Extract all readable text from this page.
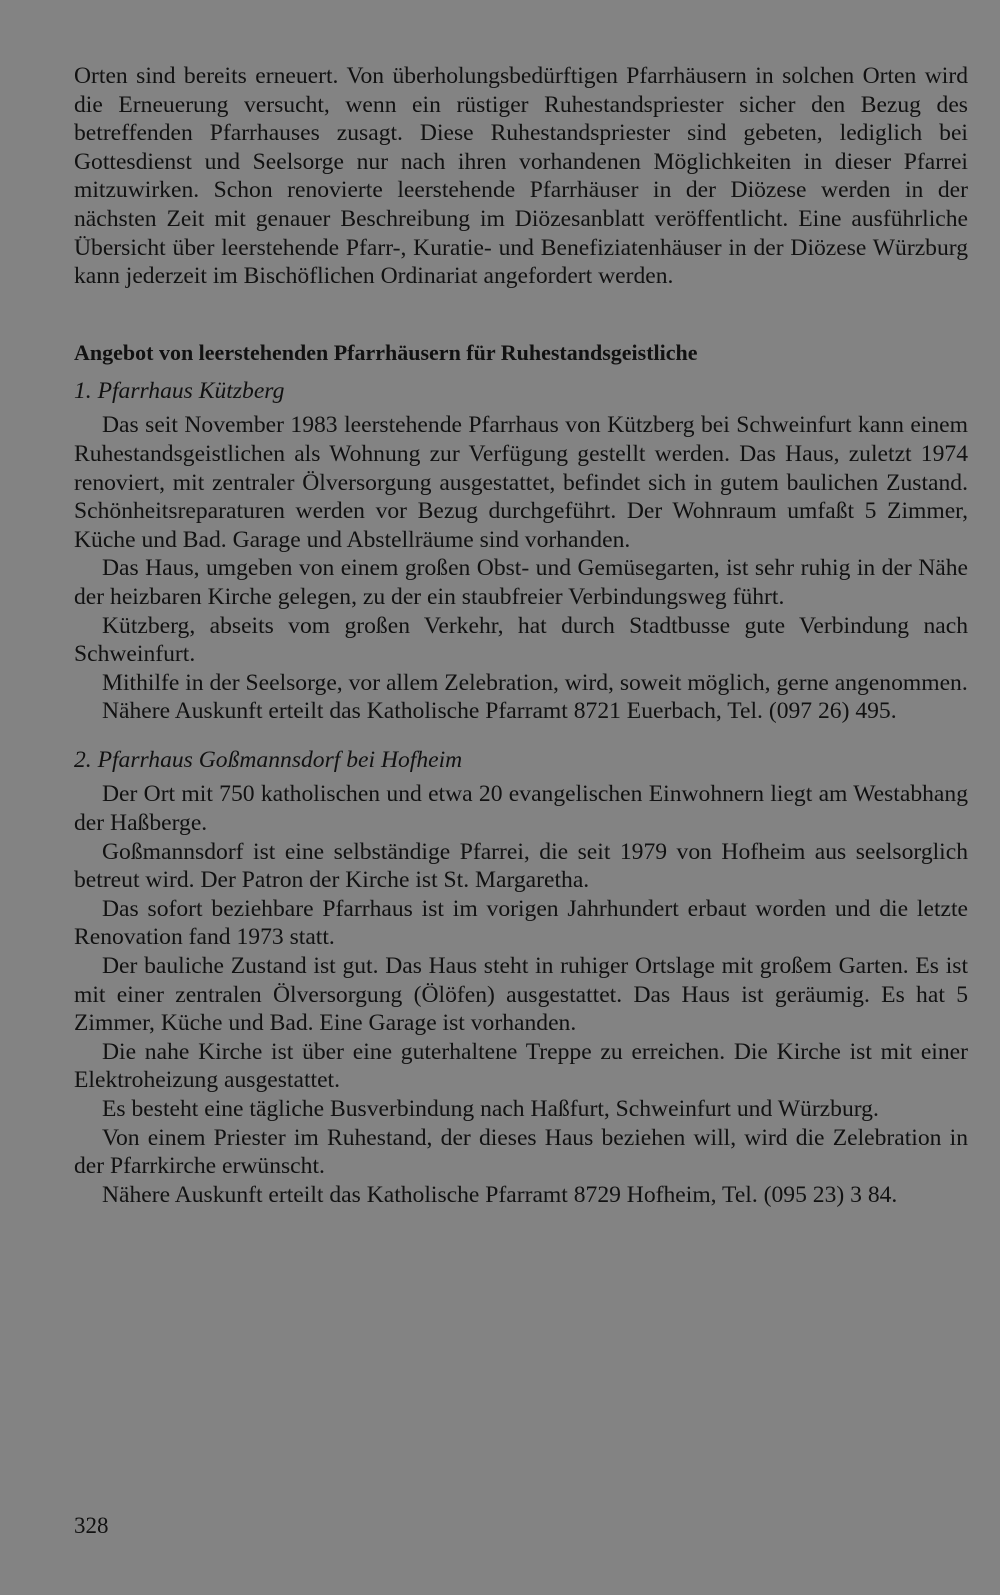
Orten sind bereits erneuert. Von überholungsbedürftigen Pfarrhäusern in solchen Orten wird die Erneuerung versucht, wenn ein rüstiger Ruhestandspriester sicher den Bezug des betreffenden Pfarrhauses zusagt. Diese Ruhestandspriester sind gebeten, lediglich bei Gottesdienst und Seelsorge nur nach ihren vorhandenen Möglichkeiten in dieser Pfarrei mitzuwirken. Schon renovierte leerstehende Pfarrhäuser in der Diözese werden in der nächsten Zeit mit genauer Beschreibung im Diözesanblatt veröffentlicht. Eine ausführliche Übersicht über leerstehende Pfarr-, Kuratie- und Benefiziatenhäuser in der Diözese Würzburg kann jederzeit im Bischöflichen Ordinariat angefordert werden.

Angebot von leerstehenden Pfarrhäusern für Ruhestandsgeistliche
1. Pfarrhaus Kützberg

Das seit November 1983 leerstehende Pfarrhaus von Kützberg bei Schweinfurt kann einem Ruhestandsgeistlichen als Wohnung zur Verfügung gestellt werden. Das Haus, zuletzt 1974 renoviert, mit zentraler Ölversorgung ausgestattet, befindet sich in gutem baulichen Zustand. Schönheitsreparaturen werden vor Bezug durchgeführt. Der Wohnraum umfaßt 5 Zimmer, Küche und Bad. Garage und Abstellräume sind vorhanden.

Das Haus, umgeben von einem großen Obst- und Gemüsegarten, ist sehr ruhig in der Nähe der heizbaren Kirche gelegen, zu der ein staubfreier Verbindungsweg führt.

Kützberg, abseits vom großen Verkehr, hat durch Stadtbusse gute Verbindung nach Schweinfurt.

Mithilfe in der Seelsorge, vor allem Zelebration, wird, soweit möglich, gerne angenommen.

Nähere Auskunft erteilt das Katholische Pfarramt 8721 Euerbach, Tel. (097 26) 495.

2. Pfarrhaus Goßmannsdorf bei Hofheim

Der Ort mit 750 katholischen und etwa 20 evangelischen Einwohnern liegt am Westabhang der Haßberge.

Goßmannsdorf ist eine selbständige Pfarrei, die seit 1979 von Hofheim aus seelsorglich betreut wird. Der Patron der Kirche ist St. Margaretha.

Das sofort beziehbare Pfarrhaus ist im vorigen Jahrhundert erbaut worden und die letzte Renovation fand 1973 statt.

Der bauliche Zustand ist gut. Das Haus steht in ruhiger Ortslage mit großem Garten. Es ist mit einer zentralen Ölversorgung (Ölöfen) ausgestattet. Das Haus ist geräumig. Es hat 5 Zimmer, Küche und Bad. Eine Garage ist vorhanden.

Die nahe Kirche ist über eine guterhaltene Treppe zu erreichen. Die Kirche ist mit einer Elektroheizung ausgestattet.

Es besteht eine tägliche Busverbindung nach Haßfurt, Schweinfurt und Würzburg.

Von einem Priester im Ruhestand, der dieses Haus beziehen will, wird die Zelebration in der Pfarrkirche erwünscht.

Nähere Auskunft erteilt das Katholische Pfarramt 8729 Hofheim, Tel. (095 23) 3 84.

328
